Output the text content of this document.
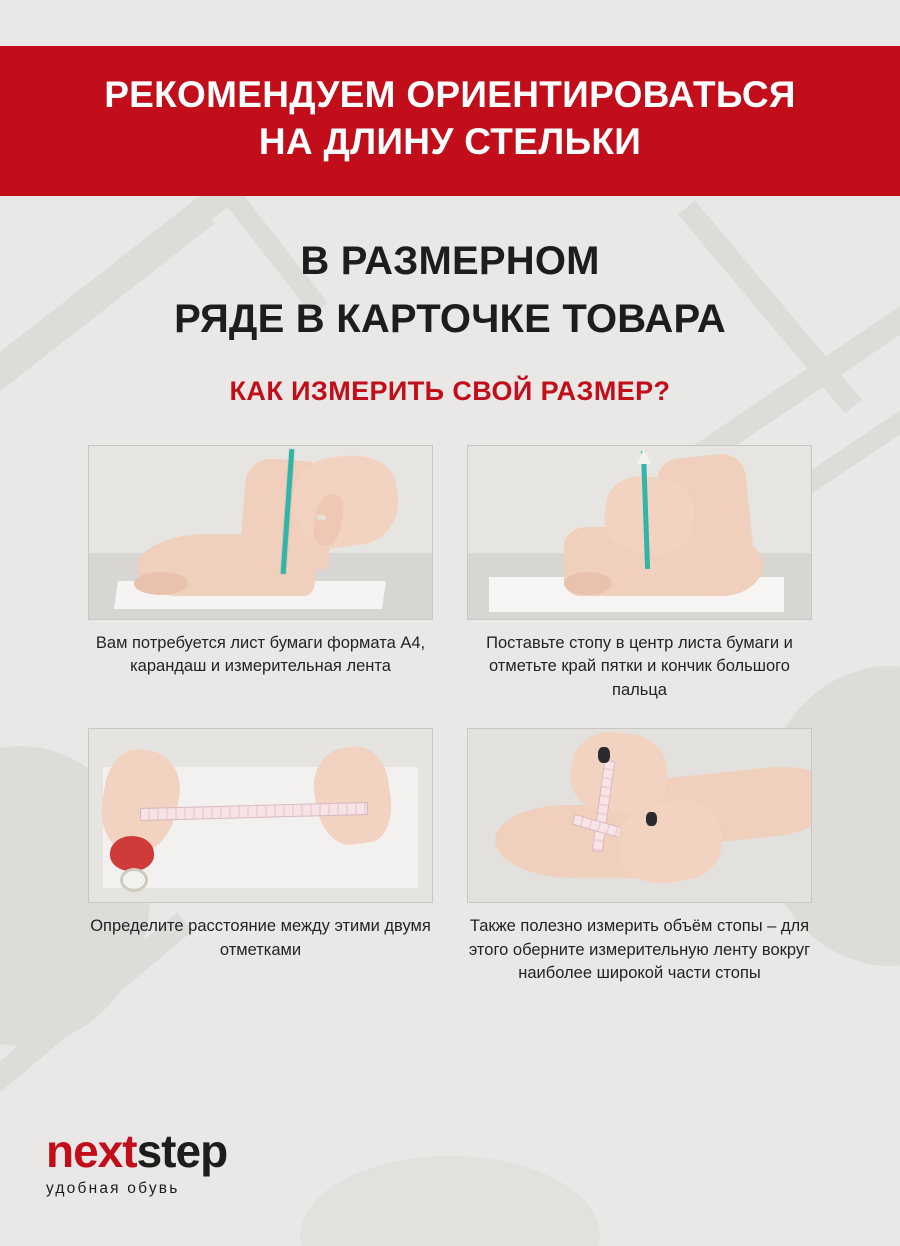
РЕКОМЕНДУЕМ ОРИЕНТИРОВАТЬСЯ
НА ДЛИНУ СТЕЛЬКИ
В РАЗМЕРНОМ
РЯДЕ В КАРТОЧКЕ ТОВАРА
КАК ИЗМЕРИТЬ СВОЙ РАЗМЕР?
Вам потребуется лист бумаги формата А4, карандаш и измерительная лента
Поставьте стопу в центр листа бумаги и отметьте край пятки и кончик большого пальца
Определите расстояние между этими двумя отметками
Также полезно измерить объём стопы – для этого оберните измерительную ленту вокруг наиболее широкой части стопы
next step
удобная обувь
